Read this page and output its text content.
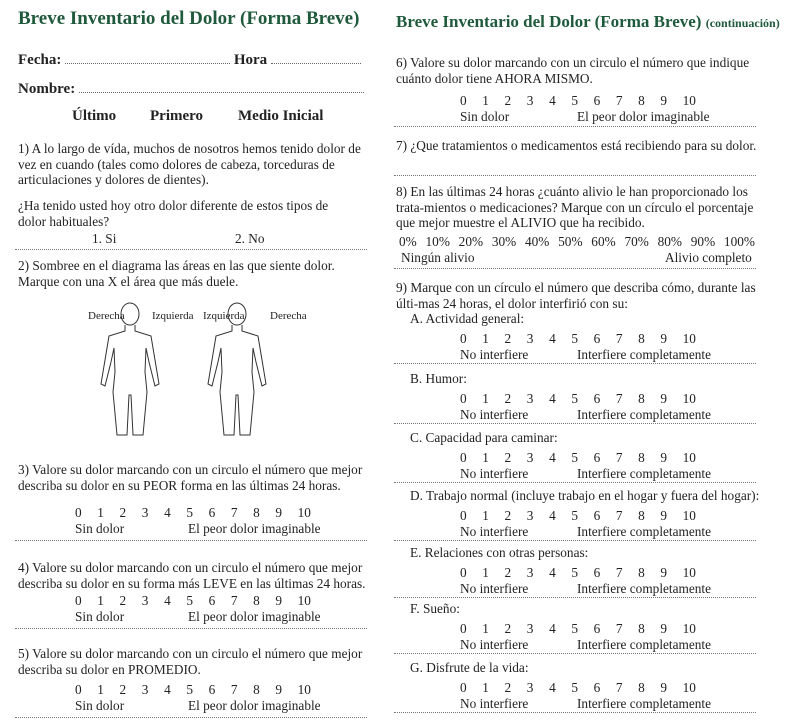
Breve Inventario del Dolor (Forma Breve)
Fecha:	Hora
Nombre:
Último Primero Medio Inicial
1) A lo largo de vída, muchos de nosotros hemos tenido dolor de vez en cuando (tales como dolores de cabeza, torceduras de articulaciones y dolores de dientes).
¿Ha tenido usted hoy otro dolor diferente de estos tipos de dolor habituales?
1. Si	2. No
2) Sombree en el diagrama las áreas en las que siente dolor. Marque con una X el área que más duele.
Derecha Izquierda Izquierda Derecha
3) Valore su dolor marcando con un circulo el número que mejor describa su dolor en su PEOR forma en las últimas 24 horas.
0 1 2 3 4 5 6 7 8 9 10
Sin dolor	El peor dolor imaginable
4) Valore su dolor marcando con un circulo el número que mejor describa su dolor en su forma más LEVE en las últimas 24 horas.
0 1 2 3 4 5 6 7 8 9 10
Sin dolor	El peor dolor imaginable
5) Valore su dolor marcando con un circulo el número que mejor describa su dolor en PROMEDIO.
0 1 2 3 4 5 6 7 8 9 10
Sin dolor	El peor dolor imaginable
Breve Inventario del Dolor (Forma Breve) (continuación)
6) Valore su dolor marcando con un circulo el número que indique cuánto dolor tiene AHORA MISMO.
0 1 2 3 4 5 6 7 8 9 10
Sin dolor	El peor dolor imaginable
7) ¿Que tratamientos o medicamentos está recibiendo para su dolor.
8) En las últimas 24 horas ¿cuánto alivio le han proporcionado los trata-mientos o medicaciones? Marque con un círculo el porcentaje que mejor muestre el ALIVIO que ha recibido.
0% 10% 20% 30% 40% 50% 60% 70% 80% 90% 100%
Ningún alivio	Alivio completo
9) Marque con un círculo el número que describa cómo, durante las últi-mas 24 horas, el dolor interfirió con su:
A. Actividad general:
0 1 2 3 4 5 6 7 8 9 10
No interfiere	Interfiere completamente
B. Humor:
0 1 2 3 4 5 6 7 8 9 10
No interfiere	Interfiere completamente
C. Capacidad para caminar:
0 1 2 3 4 5 6 7 8 9 10
No interfiere	Interfiere completamente
D. Trabajo normal (incluye trabajo en el hogar y fuera del hogar):
0 1 2 3 4 5 6 7 8 9 10
No interfiere	Interfiere completamente
E. Relaciones con otras personas:
0 1 2 3 4 5 6 7 8 9 10
No interfiere	Interfiere completamente
F. Sueño:
0 1 2 3 4 5 6 7 8 9 10
No interfiere	Interfiere completamente
G. Disfrute de la vida:
0 1 2 3 4 5 6 7 8 9 10
No interfiere	Interfiere completamente
